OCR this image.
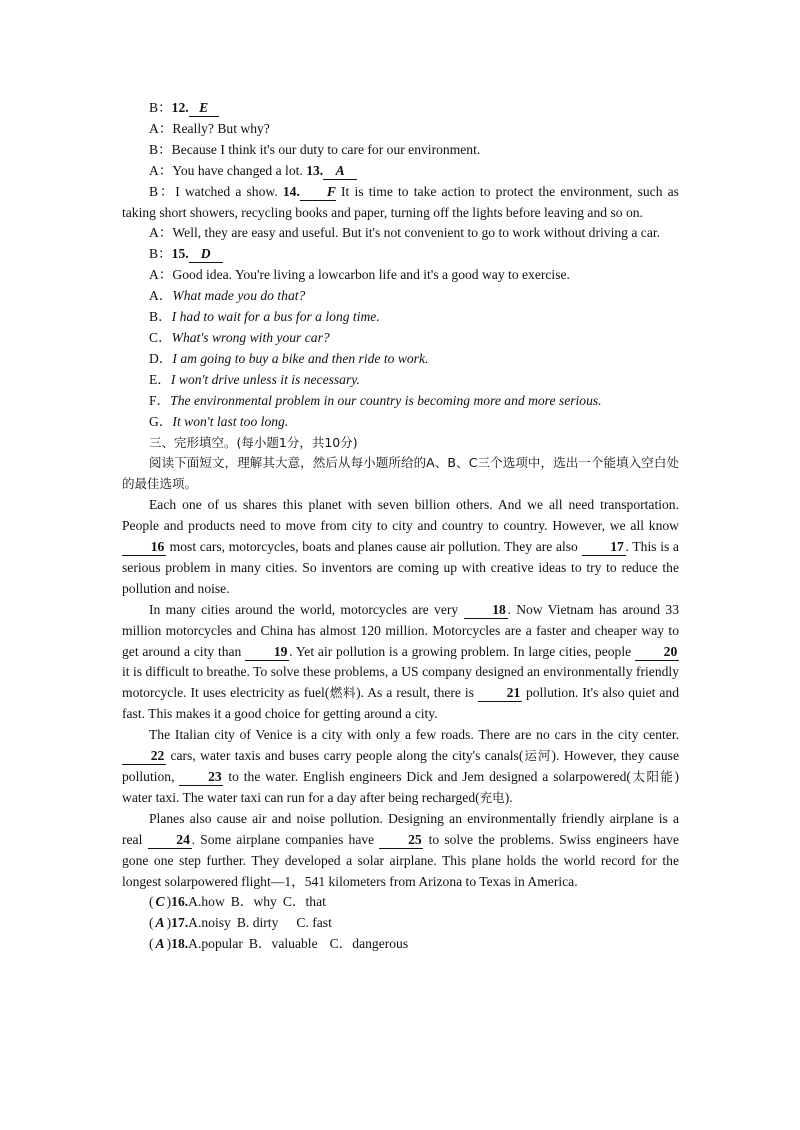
B：12. E
A：Really? But why?
B：Because I think it's our duty to care for our environment.
A：You have changed a lot. 13. A
B：I watched a show. 14. F It is time to take action to protect the environment, such as taking short showers, recycling books and paper, turning off the lights before leaving and so on.
A：Well, they are easy and useful. But it's not convenient to go to work without driving a car.
B：15. D
A：Good idea. You're living a lowcarbon life and it's a good way to exercise.
A．What made you do that?
B．I had to wait for a bus for a long time.
C．What's wrong with your car?
D．I am going to buy a bike and then ride to work.
E．I won't drive unless it is necessary.
F．The environmental problem in our country is becoming more and more serious.
G．It won't last too long.
三、完形填空。(每小题1分，共10分)
阅读下面短文，理解其大意，然后从每小题所给的A、B、C三个选项中，选出一个能填入空白处的最佳选项。
Each one of us shares this planet with seven billion others. And we all need transportation. People and products need to move from city to city and country to country. However, we all know 16 most cars, motorcycles, boats and planes cause air pollution. They are also 17 . This is a serious problem in many cities. So inventors are coming up with creative ideas to try to reduce the pollution and noise.
In many cities around the world, motorcycles are very	18 . Now Vietnam has around 33 million motorcycles and China has almost 120 million. Motorcycles are a faster and cheaper way to get around a city than 19 . Yet air pollution is a growing problem. In large cities, people 20 it is difficult to breathe. To solve these problems, a US company designed an environmentally friendly motorcycle. It uses electricity as fuel(燃料). As a result, there is 21 pollution. It's also quiet and fast. This makes it a good choice for getting around a city.
The Italian city of Venice is a city with only a few roads. There are no cars in the city center. 22 cars, water taxis and buses carry people along the city's canals(运河). However, they cause pollution, 23 to the water. English engineers Dick and Jem designed a solarpowered(太阳能) water taxi. The water taxi can run for a day after being recharged(充电).
Planes also cause air and noise pollution. Designing an environmentally friendly airplane is a real 24 . Some airplane companies have 25 to solve the problems. Swiss engineers have gone one step further. They developed a solar airplane. This plane holds the world record for the longest solarpowered flight—1，541 kilometers from Arizona to Texas in America.
( C )16.A.how B．why C．that
( A )17.A.noisy B. dirty C. fast
( A )18.A.popular B．valuable C．dangerous
